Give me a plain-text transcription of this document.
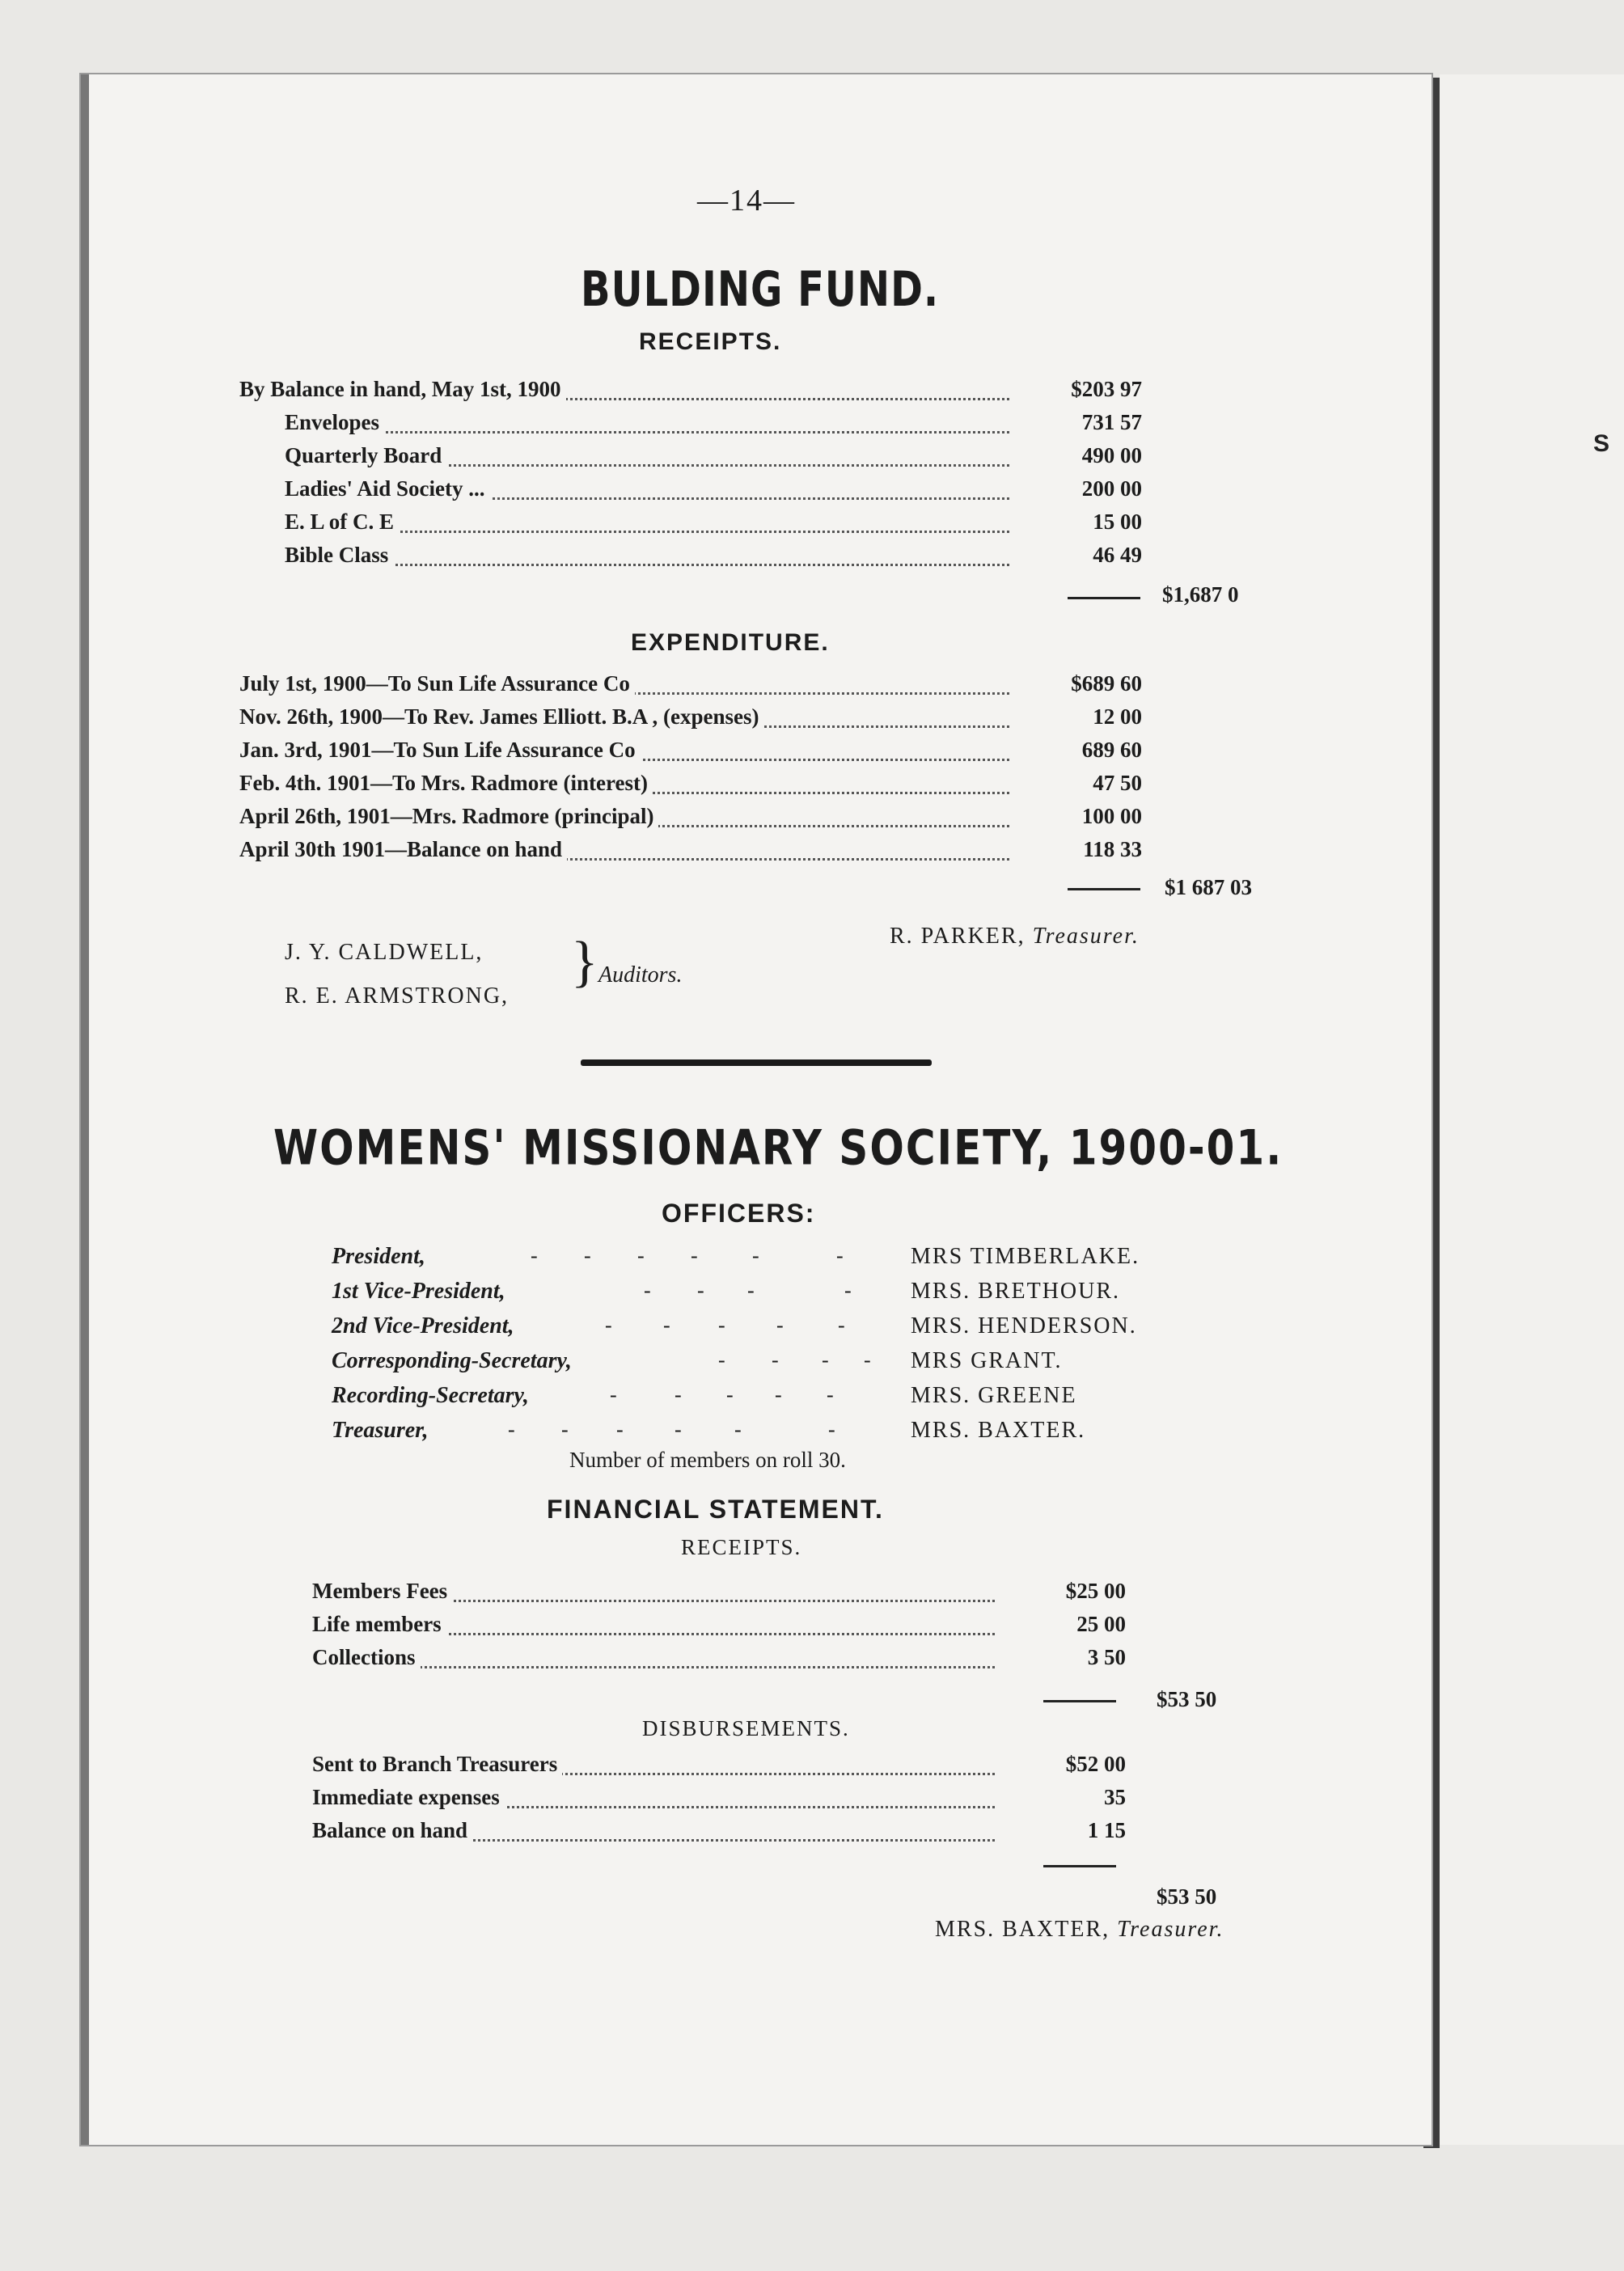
S
—14—
BULDING FUND.
RECEIPTS.
By Balance in hand, May 1st, 1900	$203 97
Envelopes	731 57
Quarterly Board	490 00
Ladies' Aid Society ...	200 00
E. L of C. E	15 00
Bible Class	46 49
$1,687 0
EXPENDITURE.
July 1st, 1900—To Sun Life Assurance Co	$689 60
Nov. 26th, 1900—To Rev. James Elliott. B.A , (expenses)	12 00
Jan. 3rd, 1901—To Sun Life Assurance Co	689 60
Feb. 4th. 1901—To Mrs. Radmore (interest)	47 50
April 26th, 1901—Mrs. Radmore (principal)	100 00
April 30th 1901—Balance on hand	118 33
$1 687 03
R. PARKER, Treasurer.
J. Y. CALDWELL,
R. E. ARMSTRONG,
} Auditors.
WOMENS' MISSIONARY SOCIETY, 1900-01.
OFFICERS:
President,	- - - -	-	-	MRS TIMBERLAKE.
1st Vice-President,	- - -	-	MRS. BRETHOUR.
2nd Vice-President,	- - - -	-	MRS. HENDERSON.
Corresponding-Secretary,	- - - - MRS GRANT.
Recording-Secretary,	-	- - - -	MRS. GREENE
Treasurer,	- - - -	-	-	MRS. BAXTER.
Number of members on roll 30.
FINANCIAL STATEMENT.
RECEIPTS.
Members Fees	$25 00
Life members	25 00
Collections	3 50
$53 50
DISBURSEMENTS.
Sent to Branch Treasurers	$52 00
Immediate expenses	35
Balance on hand	1 15
$53 50
MRS. BAXTER, Treasurer.
